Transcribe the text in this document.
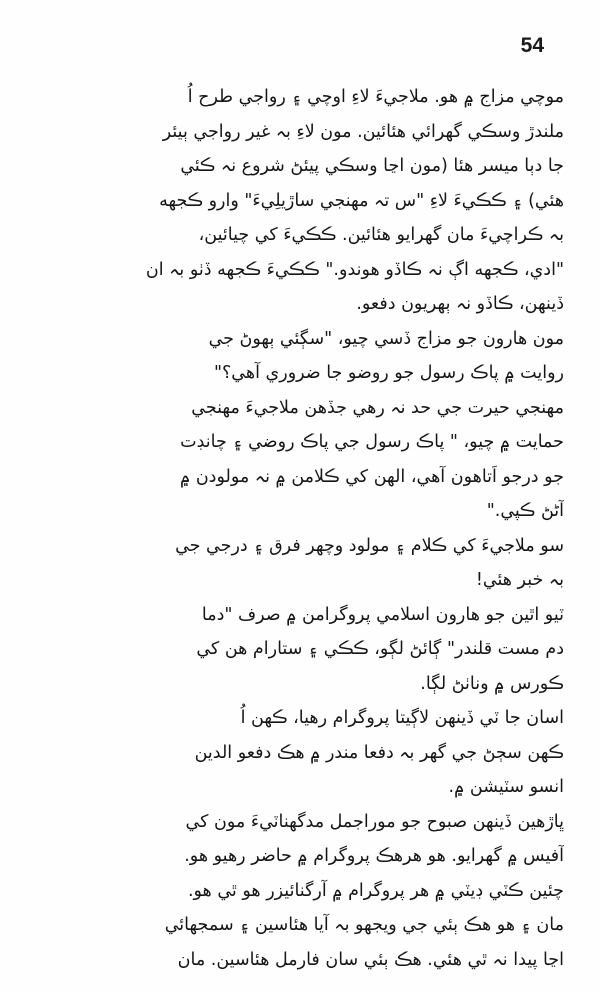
54

موچي مزاج ۾ هو. ملاجيءَ لاءِ اوچي ۽ رواجي طرح اُ
ملندڙ وسڪي گھرائي ھئائين. مون لاءِ بہ غير رواجي ٻيئر
جا دٻا ميسر هئا (مون اڃا وسڪي پيئڻ شروع نہ ڪئي
هئي) ۽ ڪڪيءَ لاءِ "س تہ مهنجي ساڙيلِيءَ" وارو ڪجهه
بہ ڪراچيءَ مان گهرايو هئائين. ڪڪيءَ کي چيائين،
"ادي، ڪجهه اڳ نہ ڪاڏو هوندو." ڪڪيءَ ڪجهه ڏٺو بہ ان
ڏينهن، ڪاڏو نہ ٻهريون دفعو.

مون هارون جو مزاج ڏسي چيو، "سڳئي ٻهوڻ جي
روايت ۾ پاڪ رسول جو روضو جا ضروري آهي؟"
مهنجي حيرت جي حد نہ رهي جڏهن ملاجيءَ مهنجي
حمايت ۾ چيو، " پاڪ رسول جي پاڪ روضي ۽ چانڊت
جو درجو اَتاهون آهي، الهن کي ڪلامن ۾ نہ مولودن ۾
آڻڻ ڪپي."

سو ملاجيءَ کي ڪلام ۽ مولود وچهر فرق ۽ درجي جي
بہ خبر هئي!

ٽيو اٿين جو هارون اسلامي پروگرامن ۾ صرف "دما
دم مست قلندر" ڳائڻ لڳو، ڪڪي ۽ ستارام هن کي
ڪورس ۾ وناٺڻ لڳا.

اسان جا ٽي ڏينهن لاڳيتا پروگرام رهيا، ڪهن اُ
ڪهن سڄڻ جي گهر بہ دفعا مندر ۾ هڪ دفعو الدين
انسو سٽيشن ۾.

ڀاڙهين ڏينهن صبوح جو موراجمل مدگهناٽيءَ مون کي
آفيس ۾ گهرايو. هو هرهڪ پروگرام ۾ حاضر رهيو هو.
چئين ڪٽي ڊيٽي ۾ هر پروگرام ۾ آرگنائيزر هو ٿي هو.
مان ۽ هو هڪ ٻئي جي ويجهو بہ آيا هئاسين ۽ سمجهائي
اڃا پيدا نہ ٿي هئي. هڪ ٻئي سان فارمل هئاسين. مان
